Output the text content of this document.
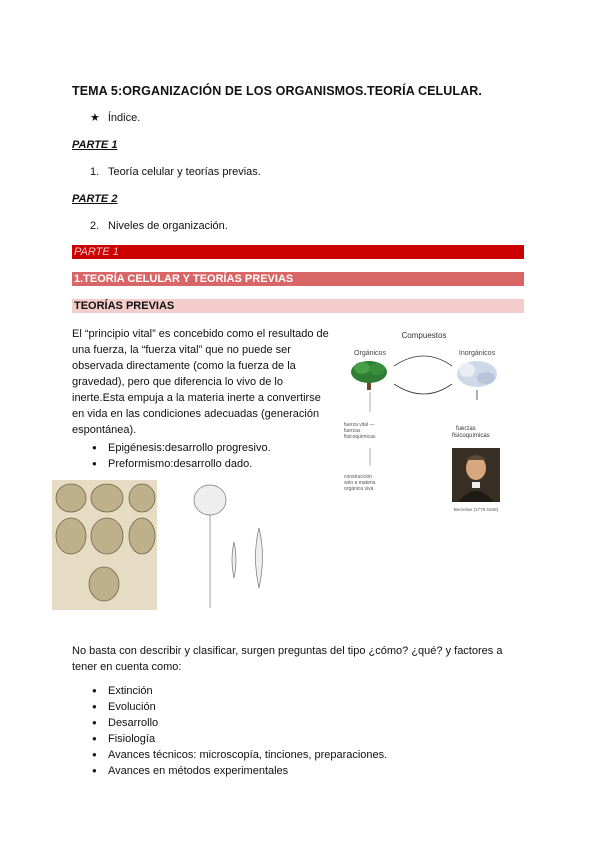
TEMA 5:ORGANIZACIÓN DE LOS ORGANISMOS.TEORÍA CELULAR.
★ Índice.
PARTE 1
1. Teoría celular y teorías previas.
PARTE 2
2. Niveles de organización.
PARTE 1
1.TEORÍA CELULAR Y TEORÍAS PREVIAS
TEORÍAS PREVIAS
El “principio vital” es concebido como el resultado de una fuerza, la “fuerza vital” que no puede ser observada directamente (como la fuerza de la gravedad), pero que diferencia lo vivo de lo inerte.Esta empuja a la materia inerte a convertirse en vida en las condiciones adecuadas (generación espontánea).
● Epigénesis:desarrollo progresivo.
● Preformismo:desarrollo dado.
Compuestos
Orgánicos	Inorgánicos
fuerza vital —
fuerzas
fisicoquímicas
construcción
solo a materia
orgánica viva
fuerzas
fisicoquímicas
Berzelius (1779-1848)
No basta con describir y clasificar, surgen preguntas del tipo ¿cómo? ¿qué? y factores a tener en cuenta como:
● Extinción
● Evolución
● Desarrollo
● Fisiología
● Avances técnicos: microscopía, tinciones, preparaciones.
● Avances en métodos experimentales
